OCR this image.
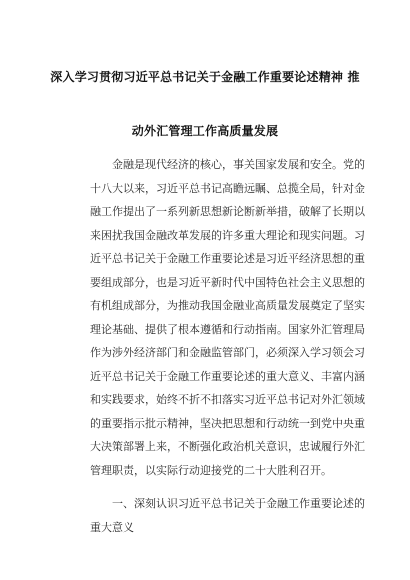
深入学习贯彻习近平总书记关于金融工作重要论述精神 推
动外汇管理工作高质量发展
金融是现代经济的核心，事关国家发展和安全。党的
十八大以来，习近平总书记高瞻远瞩、总揽全局，针对金
融工作提出了一系列新思想新论断新举措，破解了长期以
来困扰我国金融改革发展的许多重大理论和现实问题。习
近平总书记关于金融工作重要论述是习近平经济思想的重
要组成部分，也是习近平新时代中国特色社会主义思想的
有机组成部分，为推动我国金融业高质量发展奠定了坚实
理论基础、提供了根本遵循和行动指南。国家外汇管理局
作为涉外经济部门和金融监管部门，必须深入学习领会习
近平总书记关于金融工作重要论述的重大意义、丰富内涵
和实践要求，始终不折不扣落实习近平总书记对外汇领域
的重要指示批示精神，坚决把思想和行动统一到党中央重
大决策部署上来，不断强化政治机关意识，忠诚履行外汇
管理职责，以实际行动迎接党的二十大胜利召开。
一、深刻认识习近平总书记关于金融工作重要论述的
重大意义
